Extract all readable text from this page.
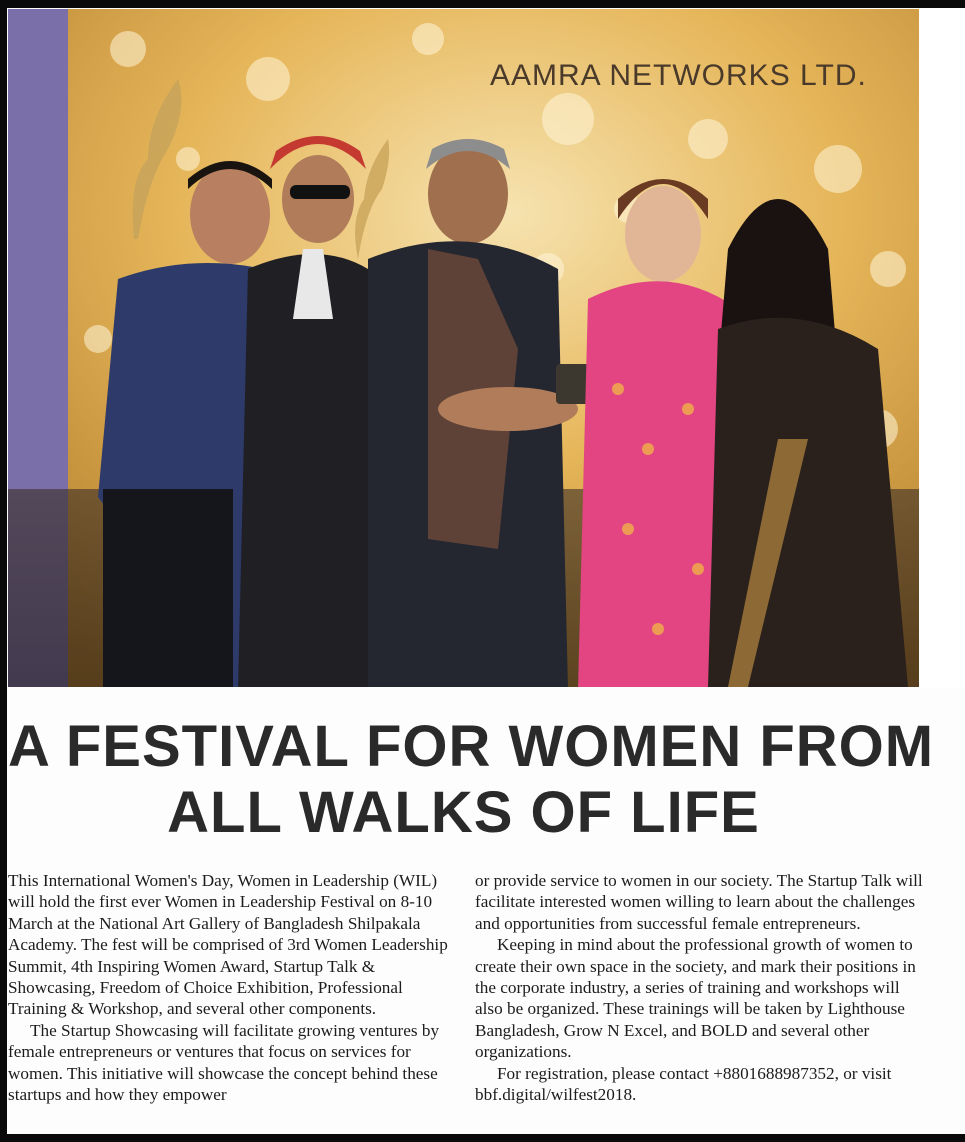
AAMRA NETWORKS LTD.
A FESTIVAL FOR WOMEN FROM
ALL WALKS OF LIFE

This International Women's Day, Women in Leadership (WIL) will hold the first ever Women in Leadership Festival on 8-10 March at the National Art Gallery of Bangladesh Shilpakala Academy. The fest will be comprised of 3rd Women Leadership Summit, 4th Inspiring Women Award, Startup Talk & Showcasing, Freedom of Choice Exhibition, Professional Training & Workshop, and several other components.

The Startup Showcasing will facilitate growing ventures by female entrepreneurs or ventures that focus on services for women. This initiative will showcase the concept behind these startups and how they empower

or provide service to women in our society. The Startup Talk will facilitate interested women willing to learn about the challenges and opportunities from successful female entrepreneurs.

Keeping in mind about the professional growth of women to create their own space in the society, and mark their positions in the corporate industry, a series of training and workshops will also be organized. These trainings will be taken by Lighthouse Bangladesh, Grow N Excel, and BOLD and several other organizations.

For registration, please contact +8801688987352, or visit bbf.digital/wilfest2018.
